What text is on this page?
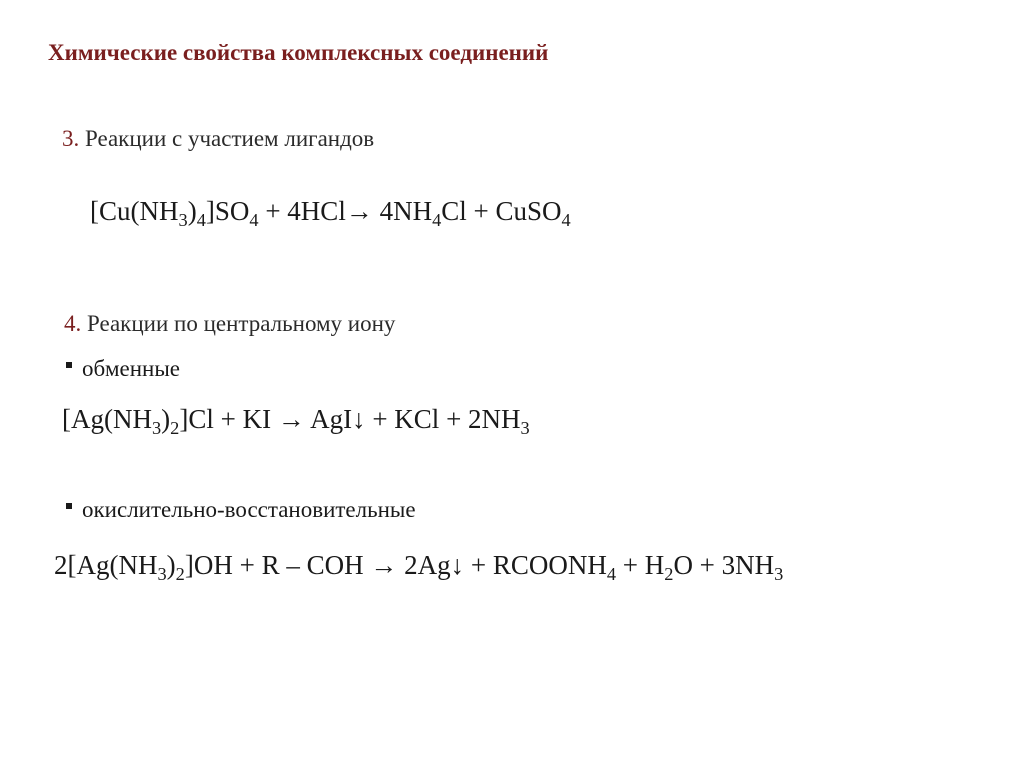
Химические свойства комплексных соединений
3. Реакции с участием лигандов
$[Cu(NH_3)_4]SO_4 + 4HCl\to 4NH_4Cl$ + CuSO$_4$
4. Реакции по центральному иону
обменные
$[Ag(NH_3)_2]Cl$ + KI → AgI↓ + KCl + $2NH_3$
окислительно-восстановительные
$2[Ag(NH_3)_2]OH + R$ – COH → 2Ag↓ + $RCOONH_4 + H_2O + 3NH_3$
